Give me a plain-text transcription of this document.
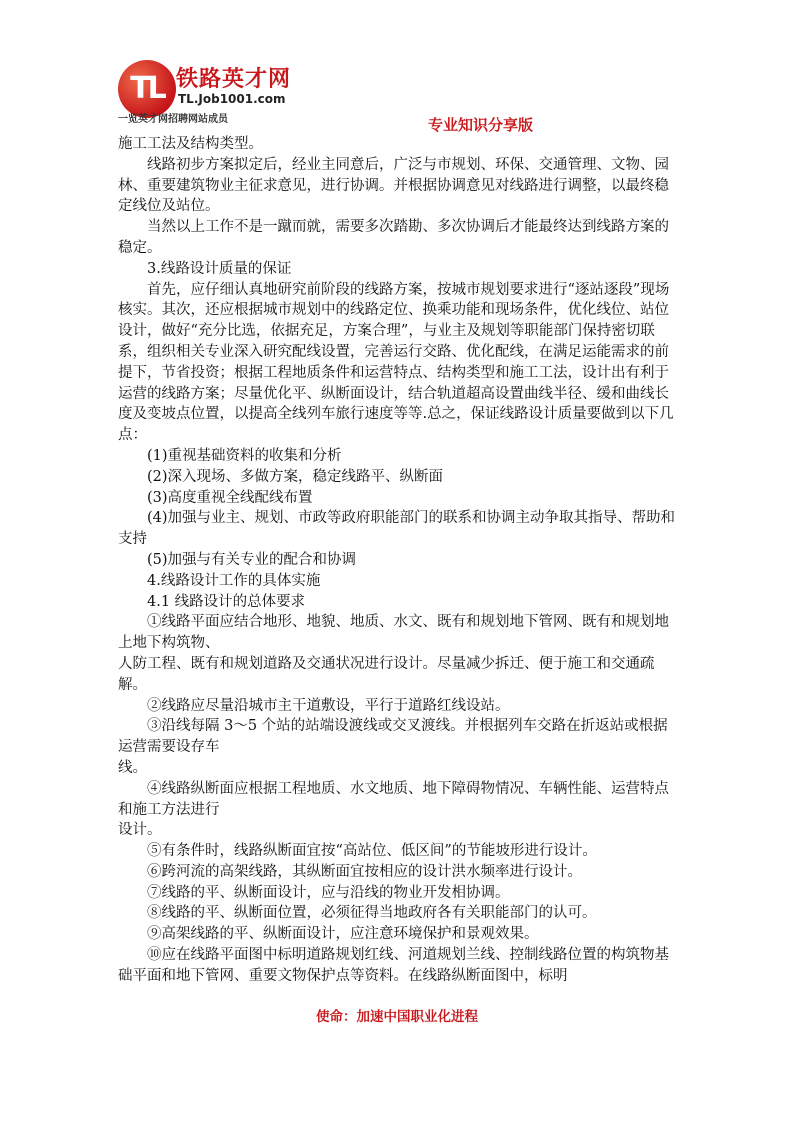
TL 铁路英才网
TL.Job1001.com
一览英才网招聘网站成员	专业知识分享版

施工工法及结构类型。

　　线路初步方案拟定后，经业主同意后，广泛与市规划、环保、交通管理、文物、园林、重要建筑物业主征求意见，进行协调。并根据协调意见对线路进行调整，以最终稳定线位及站位。

　　当然以上工作不是一蹴而就，需要多次踏勘、多次协调后才能最终达到线路方案的稳定。

　　3.线路设计质量的保证

　　首先，应仔细认真地研究前阶段的线路方案，按城市规划要求进行“逐站逐段”现场核实。其次，还应根据城市规划中的线路定位、换乘功能和现场条件，优化线位、站位设计，做好“充分比选，依据充足，方案合理”，与业主及规划等职能部门保持密切联系，组织相关专业深入研究配线设置，完善运行交路、优化配线，在满足运能需求的前提下，节省投资；根据工程地质条件和运营特点、结构类型和施工工法，设计出有利于运营的线路方案；尽量优化平、纵断面设计，结合轨道超高设置曲线半径、缓和曲线长度及变坡点位置，以提高全线列车旅行速度等等.总之，保证线路设计质量要做到以下几点：

　　(1)重视基础资料的收集和分析

　　(2)深入现场、多做方案，稳定线路平、纵断面

　　(3)高度重视全线配线布置

　　(4)加强与业主、规划、市政等政府职能部门的联系和协调主动争取其指导、帮助和支持

　　(5)加强与有关专业的配合和协调

　　4.线路设计工作的具体实施

　　4.1 线路设计的总体要求

　　①线路平面应结合地形、地貌、地质、水文、既有和规划地下管网、既有和规划地上地下构筑物、

人防工程、既有和规划道路及交通状况进行设计。尽量减少拆迁、便于施工和交通疏解。

　　②线路应尽量沿城市主干道敷设，平行于道路红线设站。

　　③沿线每隔 3～5 个站的站端设渡线或交叉渡线。并根据列车交路在折返站或根据运营需要设存车

线。

　　④线路纵断面应根据工程地质、水文地质、地下障碍物情况、车辆性能、运营特点和施工方法进行

设计。

　　⑤有条件时，线路纵断面宜按“高站位、低区间”的节能坡形进行设计。

　　⑥跨河流的高架线路，其纵断面宜按相应的设计洪水频率进行设计。

　　⑦线路的平、纵断面设计，应与沿线的物业开发相协调。

　　⑧线路的平、纵断面位置，必须征得当地政府各有关职能部门的认可。

　　⑨高架线路的平、纵断面设计，应注意环境保护和景观效果。

　　⑩应在线路平面图中标明道路规划红线、河道规划兰线、控制线路位置的构筑物基础平面和地下管网、重要文物保护点等资料。在线路纵断面图中，标明

使命：加速中国职业化进程
